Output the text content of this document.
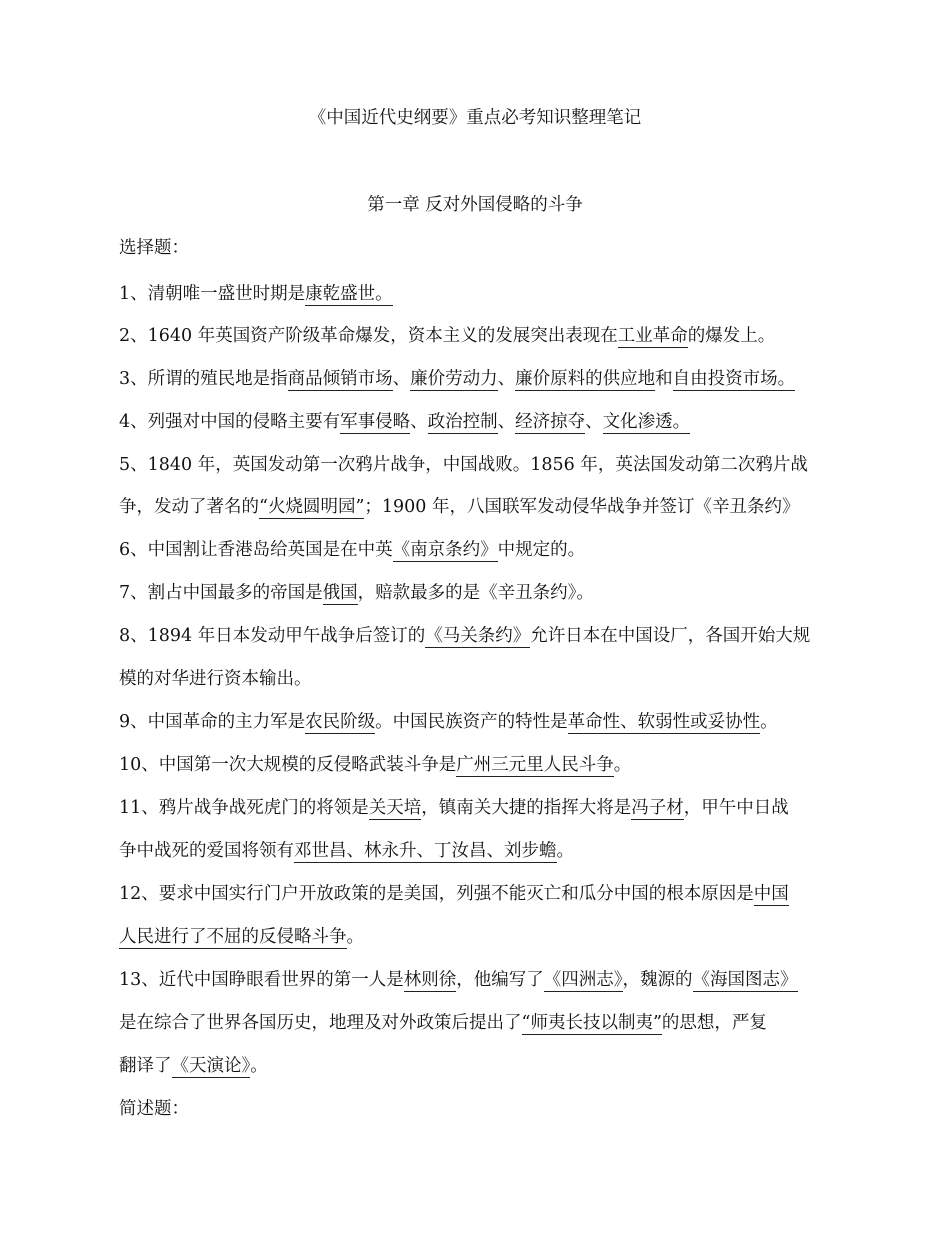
《中国近代史纲要》重点必考知识整理笔记
第一章 反对外国侵略的斗争
选择题：
1、清朝唯一盛世时期是康乾盛世。
2、1640 年英国资产阶级革命爆发，资本主义的发展突出表现在工业革命的爆发上。
3、所谓的殖民地是指商品倾销市场、廉价劳动力、廉价原料的供应地和自由投资市场。
4、列强对中国的侵略主要有军事侵略、政治控制、经济掠夺、文化渗透。
5、1840 年，英国发动第一次鸦片战争，中国战败。1856 年，英法国发动第二次鸦片战
争，发动了著名的“火烧圆明园”；1900 年，八国联军发动侵华战争并签订《辛丑条约》
6、中国割让香港岛给英国是在中英《南京条约》中规定的。
7、割占中国最多的帝国是俄国，赔款最多的是《辛丑条约》。
8、1894 年日本发动甲午战争后签订的《马关条约》允许日本在中国设厂，各国开始大规
模的对华进行资本输出。
9、中国革命的主力军是农民阶级。中国民族资产的特性是革命性、软弱性或妥协性。
10、中国第一次大规模的反侵略武装斗争是广州三元里人民斗争。
11、鸦片战争战死虎门的将领是关天培，镇南关大捷的指挥大将是冯子材，甲午中日战
争中战死的爱国将领有邓世昌、林永升、丁汝昌、刘步蟾。
12、要求中国实行门户开放政策的是美国，列强不能灭亡和瓜分中国的根本原因是中国
人民进行了不屈的反侵略斗争。
13、近代中国睁眼看世界的第一人是林则徐，他编写了《四洲志》，魏源的《海国图志》
是在综合了世界各国历史，地理及对外政策后提出了“师夷长技以制夷”的思想，严复
翻译了《天演论》。
简述题：
